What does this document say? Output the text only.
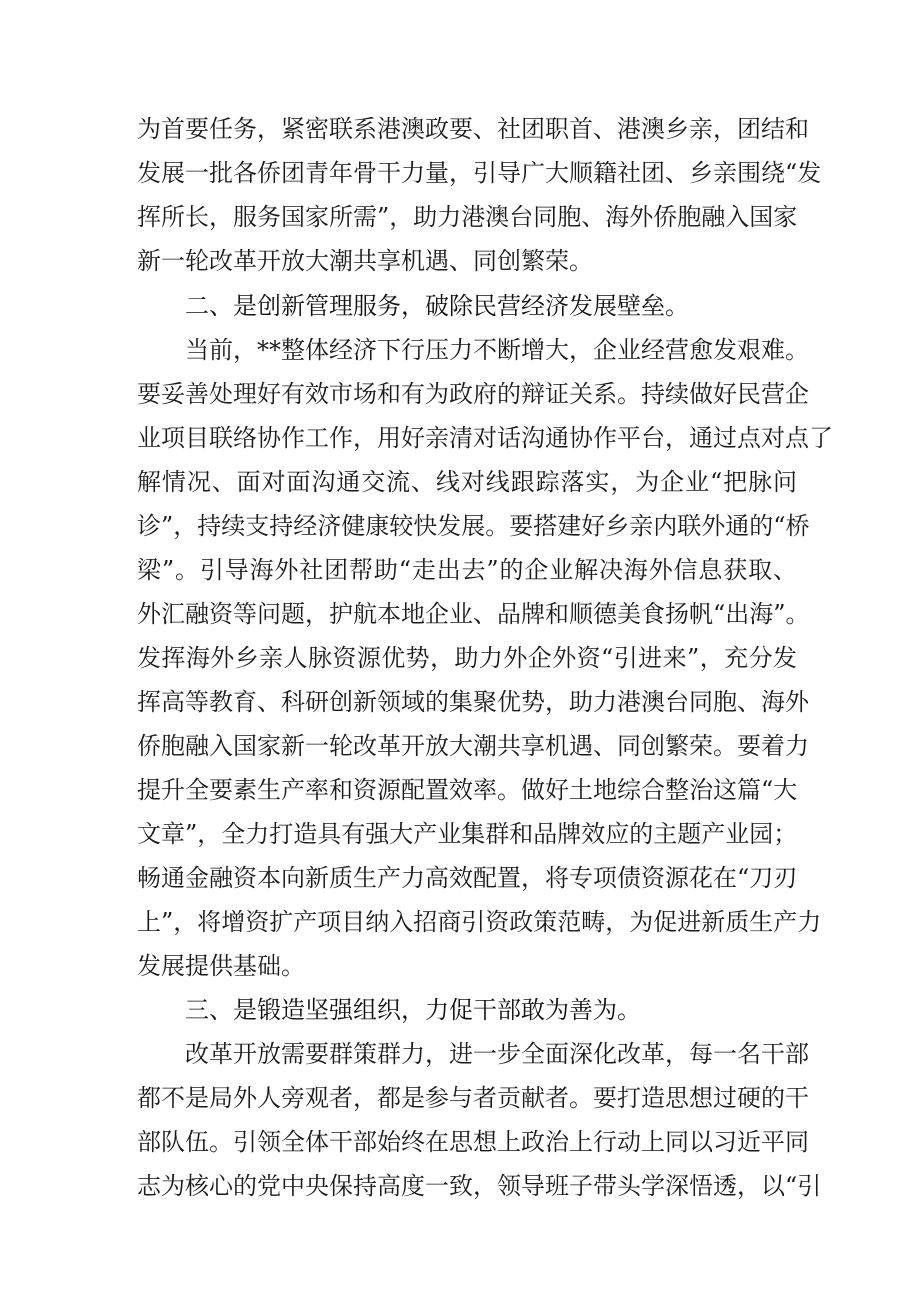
为首要任务，紧密联系港澳政要、社团职首、港澳乡亲，团结和
发展一批各侨团青年骨干力量，引导广大顺籍社团、乡亲围绕“发
挥所长，服务国家所需”，助力港澳台同胞、海外侨胞融入国家
新一轮改革开放大潮共享机遇、同创繁荣。
二、是创新管理服务，破除民营经济发展壁垒。
当前，**整体经济下行压力不断增大，企业经营愈发艰难。
要妥善处理好有效市场和有为政府的辩证关系。持续做好民营企
业项目联络协作工作，用好亲清对话沟通协作平台，通过点对点了
解情况、面对面沟通交流、线对线跟踪落实，为企业“把脉问
诊”，持续支持经济健康较快发展。要搭建好乡亲内联外通的“桥
梁”。引导海外社团帮助“走出去”的企业解决海外信息获取、
外汇融资等问题，护航本地企业、品牌和顺德美食扬帆“出海”。
发挥海外乡亲人脉资源优势，助力外企外资“引进来”，充分发
挥高等教育、科研创新领域的集聚优势，助力港澳台同胞、海外
侨胞融入国家新一轮改革开放大潮共享机遇、同创繁荣。要着力
提升全要素生产率和资源配置效率。做好土地综合整治这篇“大
文章”，全力打造具有强大产业集群和品牌效应的主题产业园；
畅通金融资本向新质生产力高效配置，将专项债资源花在“刀刃
上”，将增资扩产项目纳入招商引资政策范畴，为促进新质生产力
发展提供基础。
三、是锻造坚强组织，力促干部敢为善为。
改革开放需要群策群力，进一步全面深化改革，每一名干部
都不是局外人旁观者，都是参与者贡献者。要打造思想过硬的干
部队伍。引领全体干部始终在思想上政治上行动上同以习近平同
志为核心的党中央保持高度一致，领导班子带头学深悟透，以“引
